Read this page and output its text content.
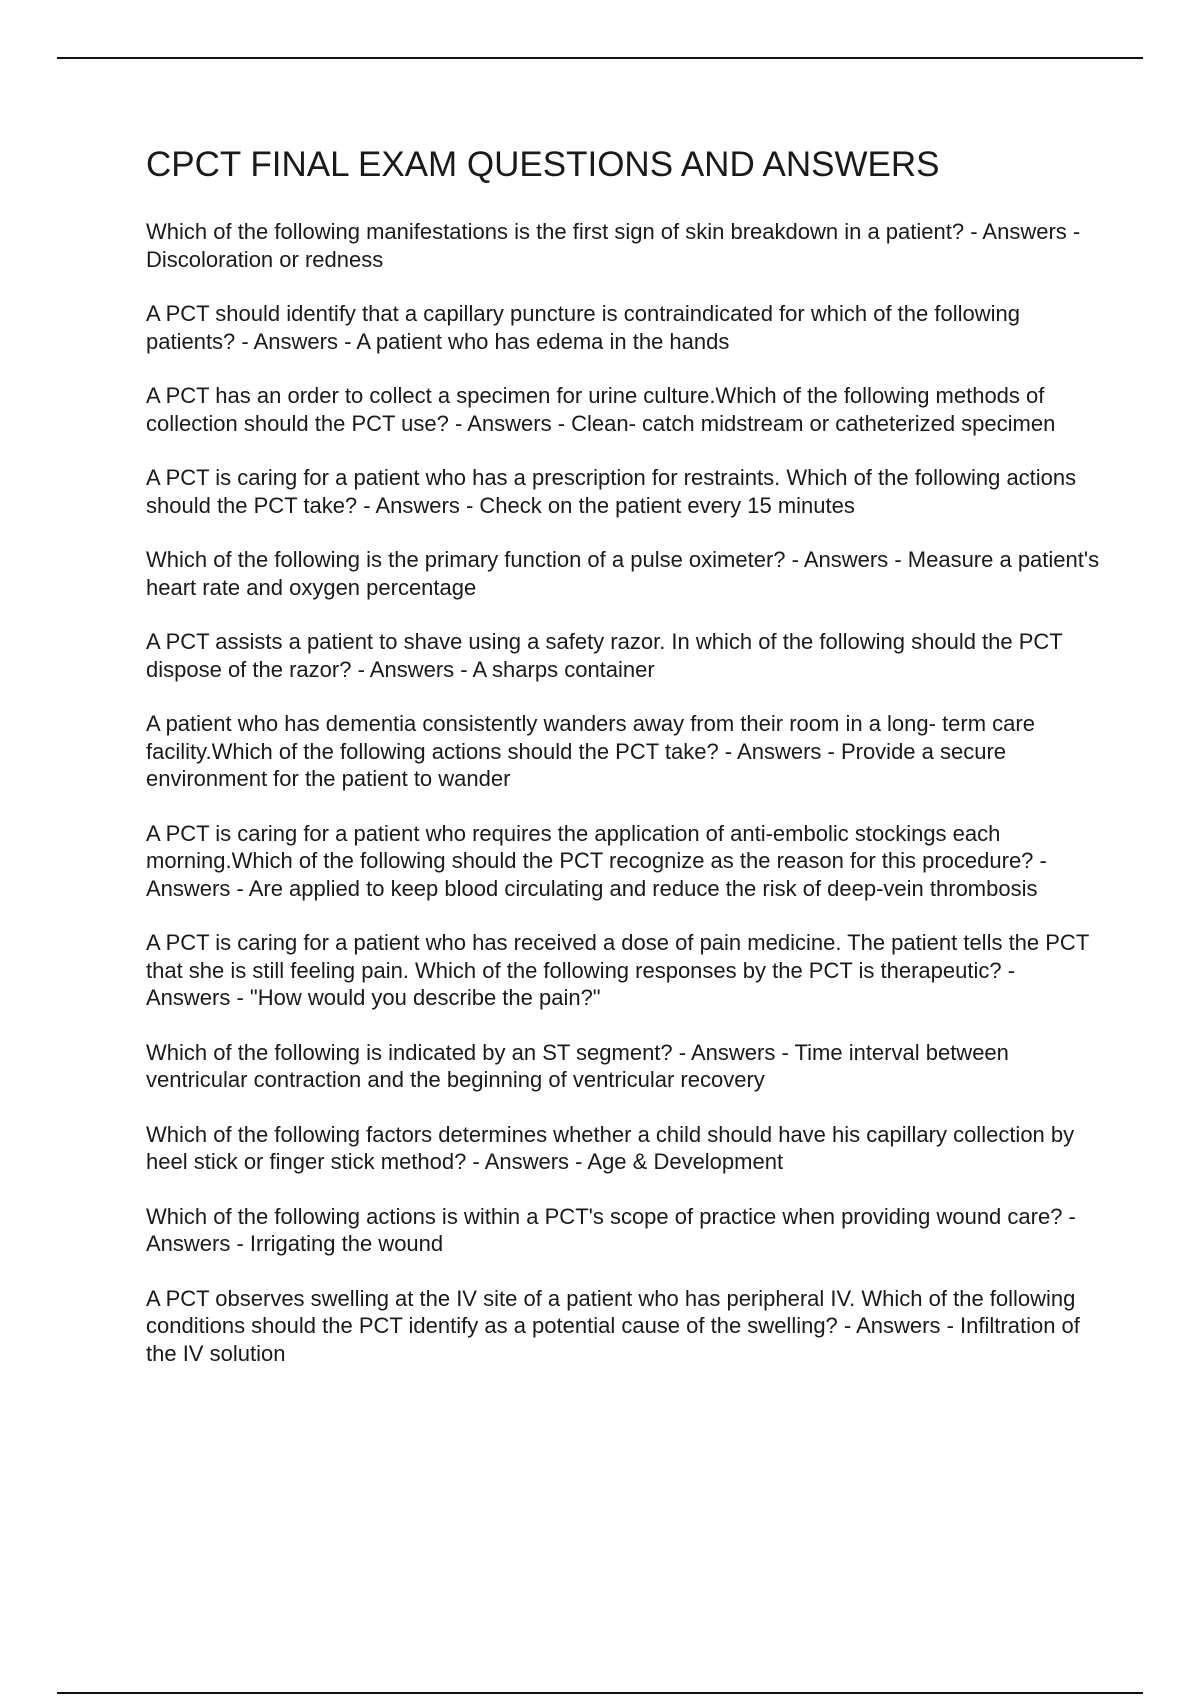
CPCT FINAL EXAM QUESTIONS AND ANSWERS

Which of the following manifestations is the first sign of skin breakdown in a patient? - Answers - Discoloration or redness

A PCT should identify that a capillary puncture is contraindicated for which of the following patients? - Answers - A patient who has edema in the hands

A PCT has an order to collect a specimen for urine culture.Which of the following methods of collection should the PCT use? - Answers - Clean- catch midstream or catheterized specimen

A PCT is caring for a patient who has a prescription for restraints. Which of the following actions should the PCT take? - Answers - Check on the patient every 15 minutes

Which of the following is the primary function of a pulse oximeter? - Answers - Measure a patient's heart rate and oxygen percentage

A PCT assists a patient to shave using a safety razor. In which of the following should the PCT dispose of the razor? - Answers - A sharps container

A patient who has dementia consistently wanders away from their room in a long- term care facility.Which of the following actions should the PCT take? - Answers - Provide a secure environment for the patient to wander

A PCT is caring for a patient who requires the application of anti-embolic stockings each morning.Which of the following should the PCT recognize as the reason for this procedure? - Answers - Are applied to keep blood circulating and reduce the risk of deep-vein thrombosis

A PCT is caring for a patient who has received a dose of pain medicine. The patient tells the PCT that she is still feeling pain. Which of the following responses by the PCT is therapeutic? - Answers - "How would you describe the pain?"

Which of the following is indicated by an ST segment? - Answers - Time interval between ventricular contraction and the beginning of ventricular recovery

Which of the following factors determines whether a child should have his capillary collection by heel stick or finger stick method? - Answers - Age & Development

Which of the following actions is within a PCT's scope of practice when providing wound care? - Answers - Irrigating the wound

A PCT observes swelling at the IV site of a patient who has peripheral IV. Which of the following conditions should the PCT identify as a potential cause of the swelling? - Answers - Infiltration of the IV solution
